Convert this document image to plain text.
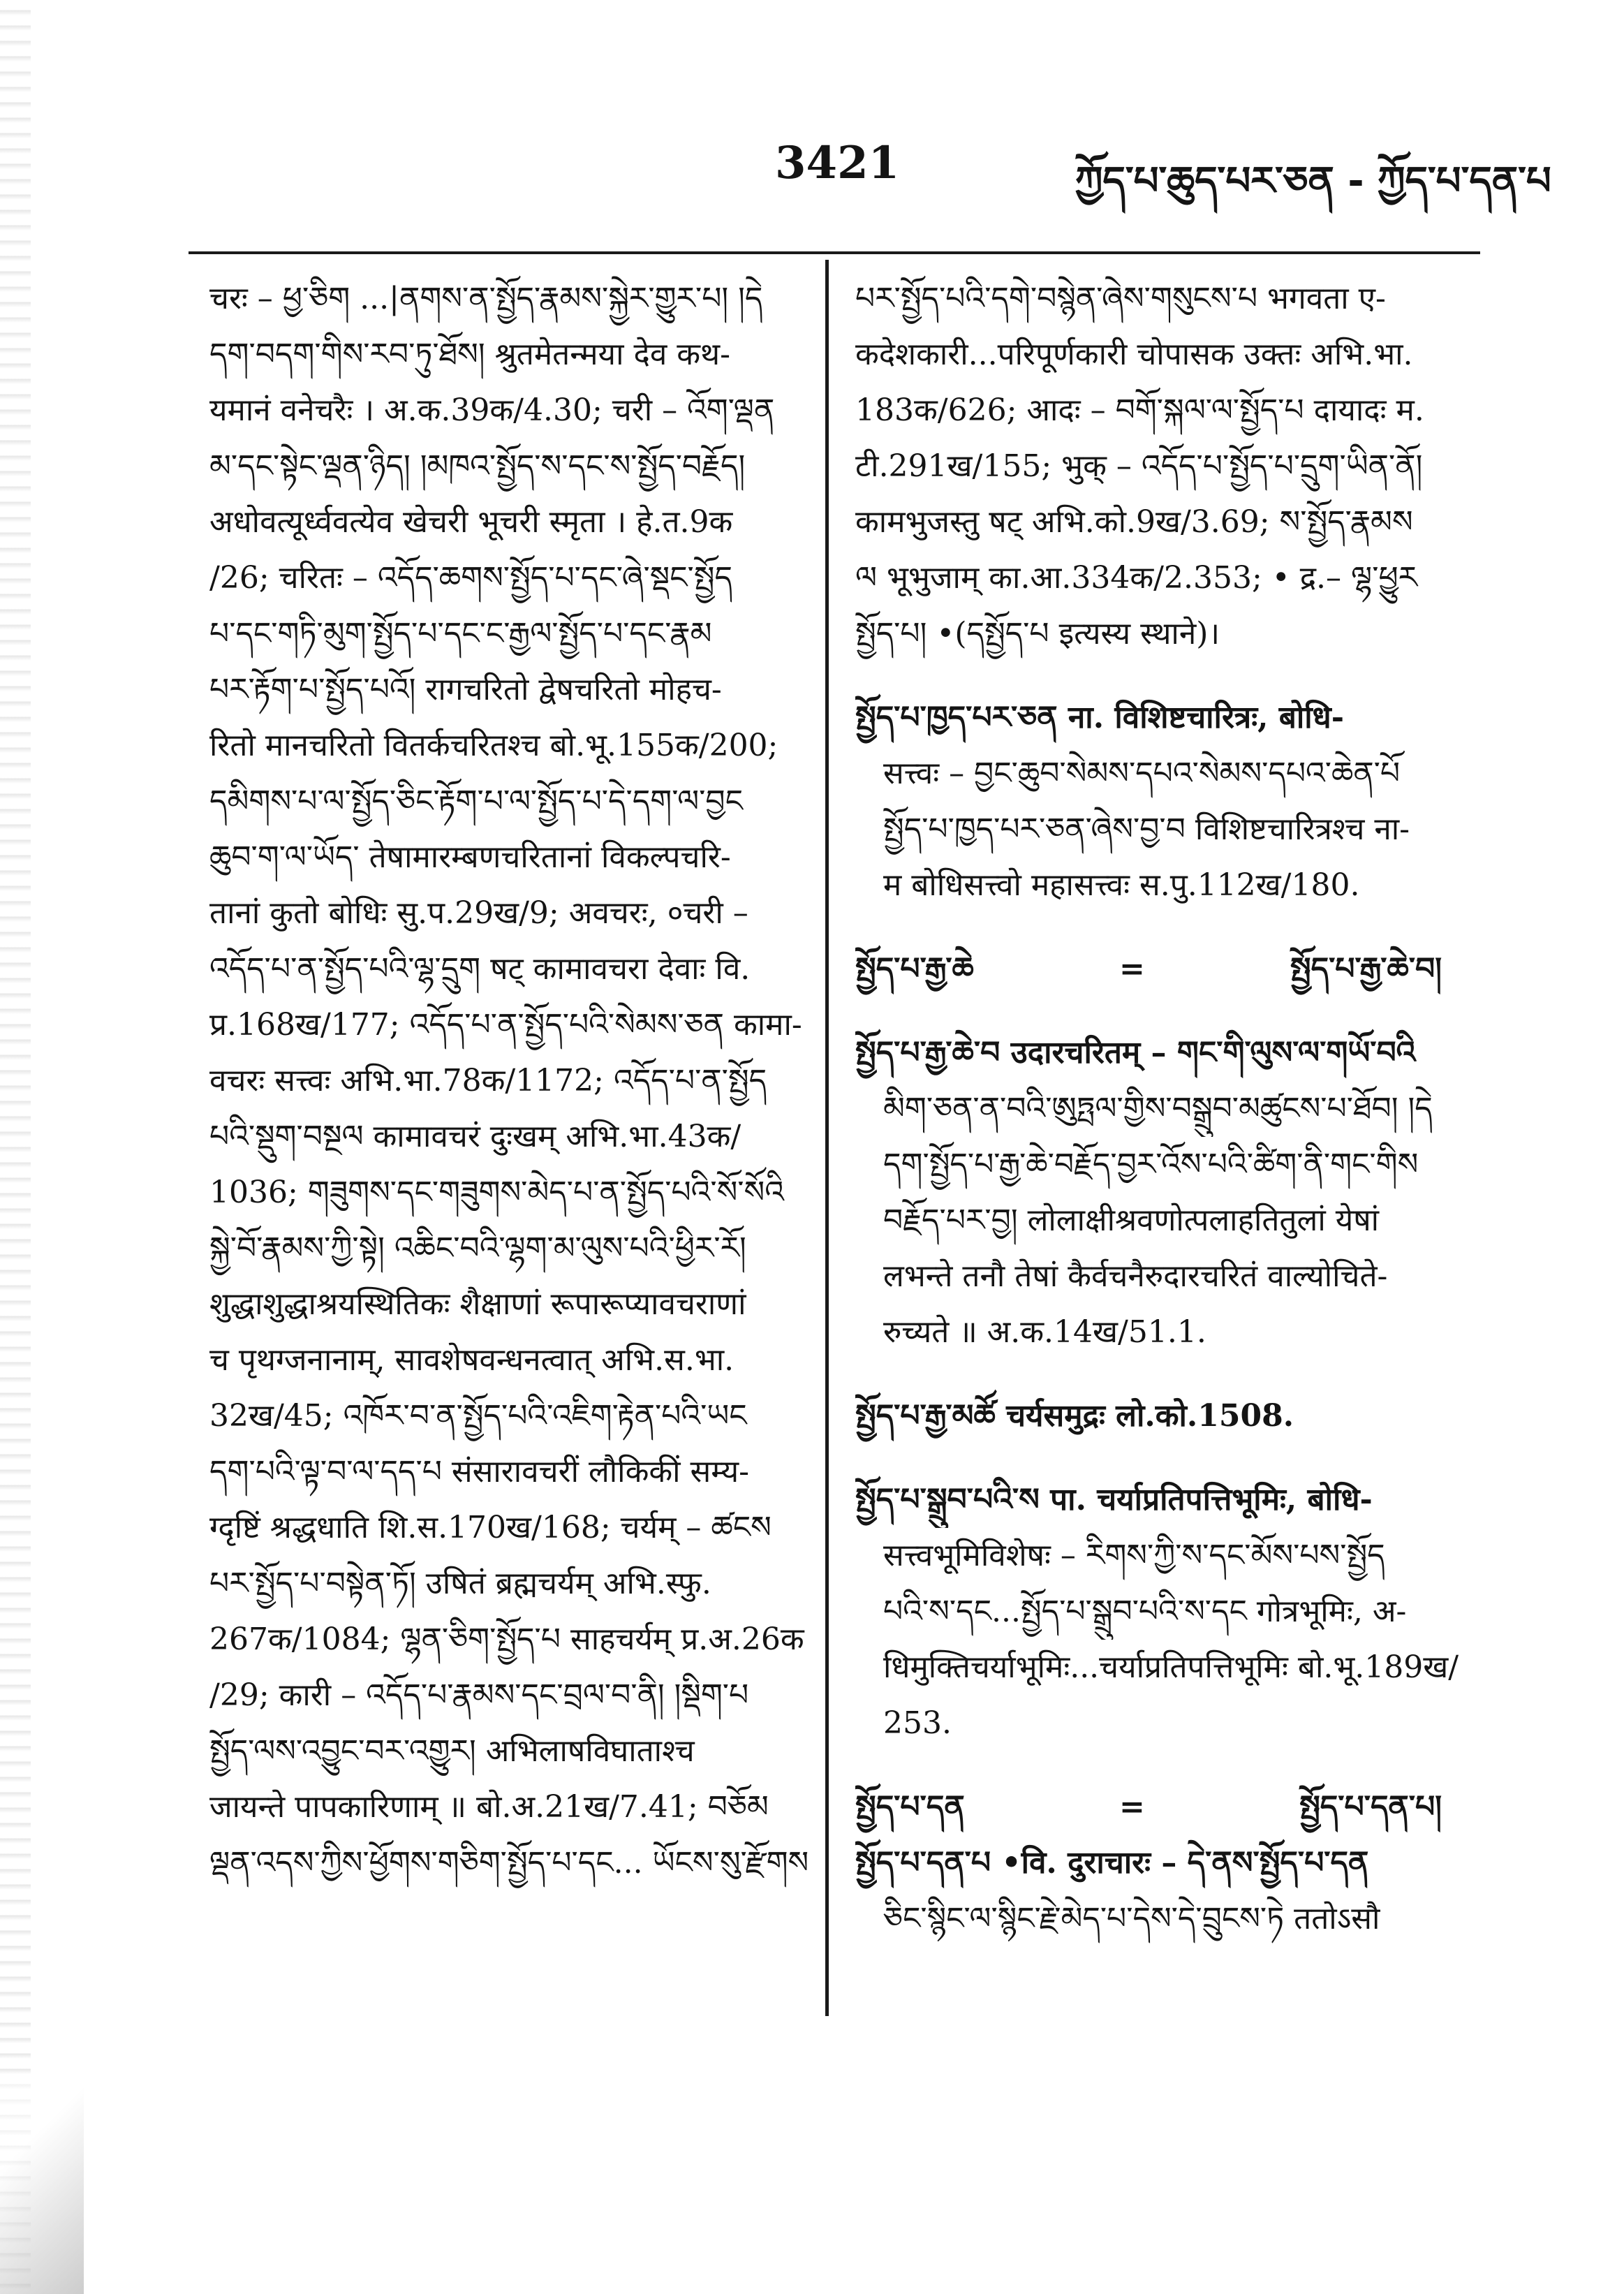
3421	ཀྱོད་པ་ཆུད་པར་ཅན - ཀྱོད་པ་དན་པ
चरः – ཕྱ་ཅིག ...|ནགས་ན་སྤྱོད་རྣམས་སྐྱེར་གྱུར་པ། །དེ
དག་བདག་གིས་རབ་ཏུ་ཐོས། श्रुतमेतन्मया देव कथ-
यमानं वनेचरैः । अ.क.39क/4.30; चरी – འོག་ལྡན
མ་དང་སྟེང་ལྡན་ཉིད། །མཁའ་སྤྱོད་ས་དང་ས་སྤྱོད་བརྗོད།
अधोवत्यूर्ध्ववत्येव खेचरी भूचरी स्मृता । हे.त.9क
/26; चरितः – འདོད་ཆགས་སྤྱོད་པ་དང་ཞེ་སྡང་སྤྱོད
པ་དང་གཏི་མུག་སྤྱོད་པ་དང་ང་རྒྱལ་སྤྱོད་པ་དང་རྣམ
པར་རྟོག་པ་སྤྱོད་པའོ། रागचरितो द्वेषचरितो मोहच-
रितो मानचरितो वितर्कचरितश्च बो.भू.155क/200;
དམིགས་པ་ལ་སྤྱོད་ཅིང་རྟོག་པ་ལ་སྤྱོད་པ་དེ་དག་ལ་བྱང
ཆུབ་ག་ལ་ཡོད་ तेषामारम्बणचरितानां विकल्पचरि-
तानां कुतो बोधिः सु.प.29ख/9; अवचरः, ०चरी –
འདོད་པ་ན་སྤྱོད་པའི་ལྷ་དྲུག षट् कामावचरा देवाः वि.
प्र.168ख/177; འདོད་པ་ན་སྤྱོད་པའི་སེམས་ཅན कामा-
वचरः सत्त्वः अभि.भा.78क/1172; འདོད་པ་ན་སྤྱོད
པའི་སྡུག་བསྔལ कामावचरं दुःखम् अभि.भा.43क/
1036; གཟུགས་དང་གཟུགས་མེད་པ་ན་སྤྱོད་པའི་སོ་སོའི
སྐྱེ་བོ་རྣམས་ཀྱི་སྟེ། འཆིང་བའི་ལྷག་མ་ལུས་པའི་ཕྱིར་རོ།
शुद्धाशुद्धाश्रयस्थितिकः शैक्षाणां रूपारूप्यावचराणां
च पृथग्जनानाम्, सावशेषवन्धनत्वात् अभि.स.भा.
32ख/45; འཁོར་བ་ན་སྤྱོད་པའི་འཇིག་རྟེན་པའི་ཡང
དག་པའི་ལྟ་བ་ལ་དད་པ संसारावचरीं लौकिकीं सम्य-
ग्दृष्टिं श्रद्धधाति शि.स.170ख/168; चर्यम् – ཚངས
པར་སྤྱོད་པ་བསྟེན་ཏོ། उषितं ब्रह्मचर्यम् अभि.स्फु.
267क/1084; ལྷན་ཅིག་སྤྱོད་པ साहचर्यम् प्र.अ.26क
/29; कारी – འདོད་པ་རྣམས་དང་བྲལ་བ་ནི། །སྡིག་པ
སྤྱོད་ལས་འབྱུང་བར་འགྱུར། अभिलाषविघाताश्च
जायन्ते पापकारिणाम् ॥ बो.अ.21ख/7.41; བཅོམ
ལྡན་འདས་ཀྱིས་ཕྱོགས་གཅིག་སྤྱོད་པ་དང... ཡོངས་སུ་རྫོགས
པར་སྤྱོད་པའི་དགེ་བསྙེན་ཞེས་གསུངས་པ भगवता ए-
कदेशकारी...परिपूर्णकारी चोपासक उक्तः अभि.भा.
183क/626; आदः – བགོ་སྐལ་ལ་སྤྱོད་པ दायादः म.
टी.291ख/155; भुक् – འདོད་པ་སྤྱོད་པ་དྲུག་ཡིན་ནོ།
कामभुजस्तु षट् अभि.को.9ख/3.69; ས་སྤྱོད་རྣམས
ལ भूभुजाम् का.आ.334क/2.353; • द्र.– ལྷ་ཕྱུར
སྤྱོད་པ། •(དསྤྱོད་པ इत्यस्य स्थाने)।
སྤྱོད་པ་ཁྱད་པར་ཅན ना. विशिष्टचारित्रः, बोधि-
सत्त्वः – བྱང་ཆུབ་སེམས་དཔའ་སེམས་དཔའ་ཆེན་པོ
སྤྱོད་པ་ཁྱད་པར་ཅན་ཞེས་བྱ་བ विशिष्टचारित्रश्च ना-
म बोधिसत्त्वो महासत्त्वः स.पु.112ख/180.
སྤྱོད་པ་རྒྱ་ཆེ	=	སྤྱོད་པ་རྒྱ་ཆེ་བ།
སྤྱོད་པ་རྒྱ་ཆེ་བ उदारचरितम् – གང་གི་ལུས་ལ་གཡོ་བའི
མིག་ཅན་ན་བའི་ཨུཏྤལ་གྱིས་བསྒྲུབ་མཚུངས་པ་ཐོབ། །དེ
དག་སྤྱོད་པ་རྒྱ་ཆེ་བརྗོད་བྱར་འོས་པའི་ཚིག་ནི་གང་གིས
བརྗོད་པར་བྱ། लोलाक्षीश्रवणोत्पलाहतितुलां येषां
लभन्ते तनौ तेषां कैर्वचनैरुदारचरितं वाल्योचिते-
रुच्यते ॥ अ.क.14ख/51.1.
སྤྱོད་པ་རྒྱ་མཚོ चर्यसमुद्रः लो.को.1508.
སྤྱོད་པ་སྒྲུབ་པའི་ས पा. चर्याप्रतिपत्तिभूमिः, बोधि-
सत्त्वभूमिविशेषः – རིགས་ཀྱི་ས་དང་མོས་པས་སྤྱོད
པའི་ས་དང...སྤྱོད་པ་སྒྲུབ་པའི་ས་དང गोत्रभूमिः, अ-
धिमुक्तिचर्याभूमिः...चर्याप्रतिपत्तिभूमिः बो.भू.189ख/
253.
སྤྱོད་པ་དན	=	སྤྱོད་པ་དན་པ།
སྤྱོད་པ་དན་པ •वि. दुराचारः – དེ་ནས་སྤྱོད་པ་དན
ཅིང་སྙིང་ལ་སྙིང་རྗེ་མེད་པ་དེས་དེ་བྲུངས་ཏེ ततोऽसौ
